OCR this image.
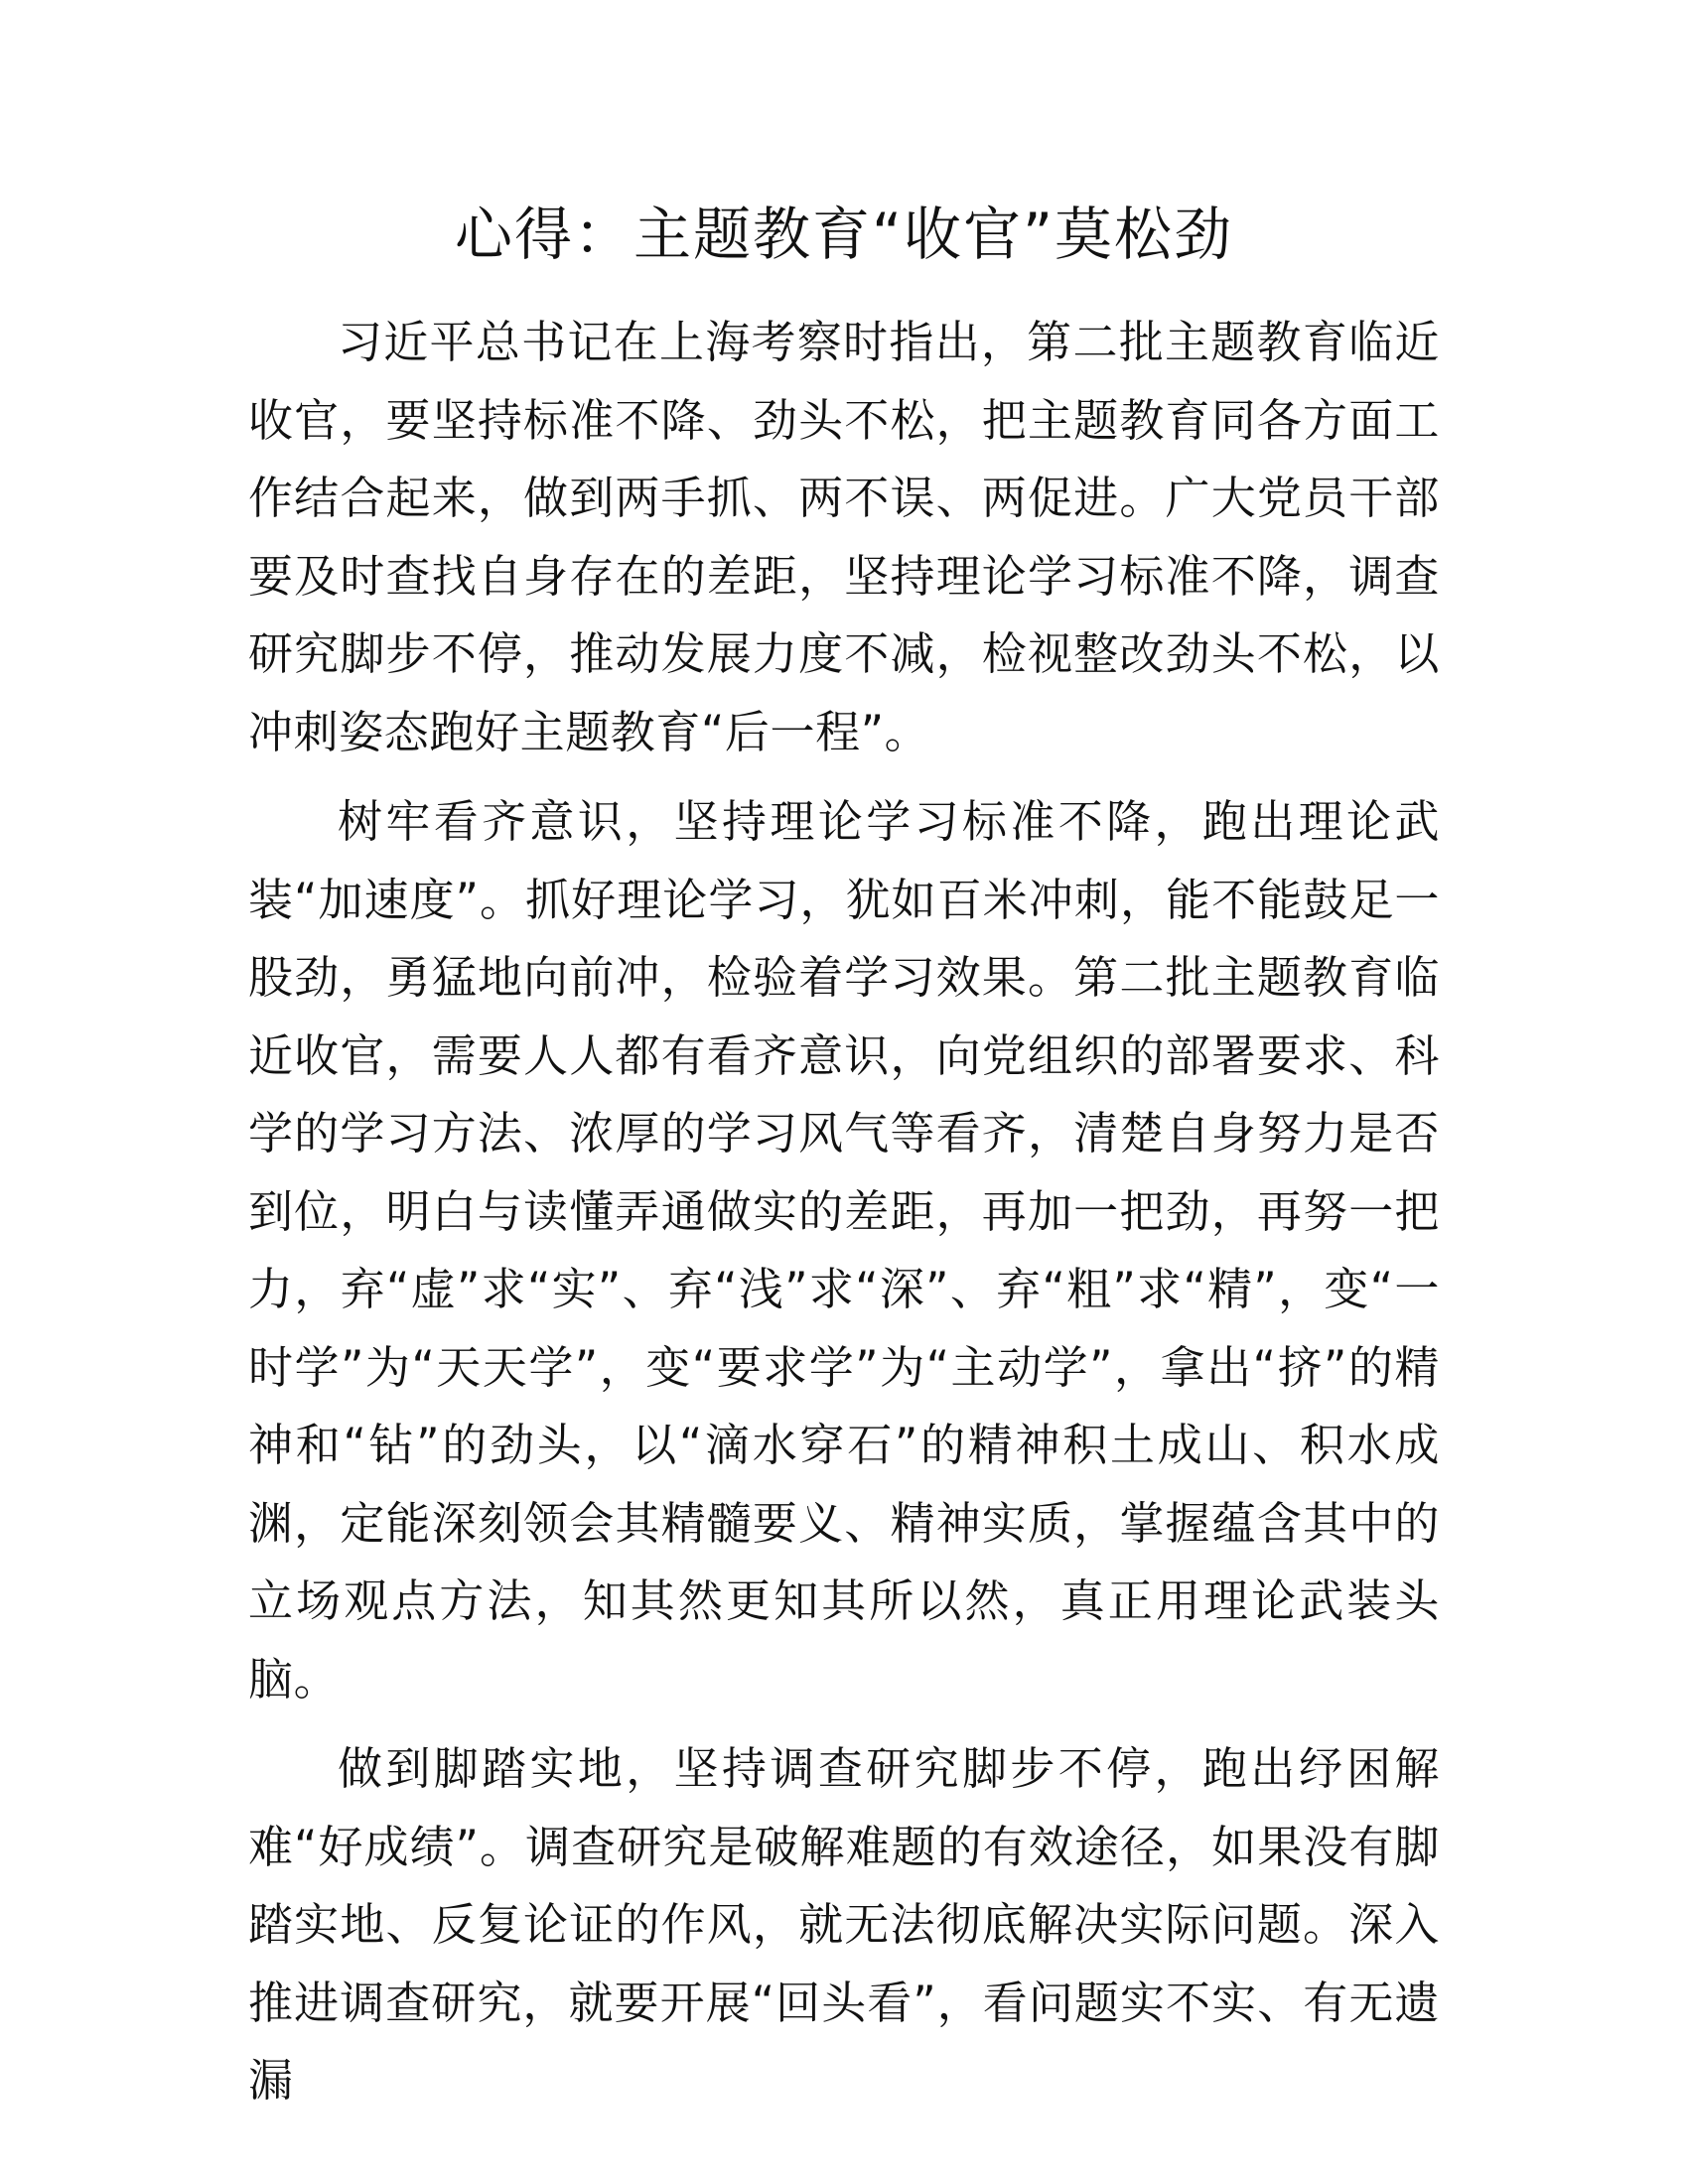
心得：主题教育“收官”莫松劲

习近平总书记在上海考察时指出，第二批主题教育临近收官，要坚持标准不降、劲头不松，把主题教育同各方面工作结合起来，做到两手抓、两不误、两促进。广大党员干部要及时查找自身存在的差距，坚持理论学习标准不降，调查研究脚步不停，推动发展力度不减，检视整改劲头不松，以冲刺姿态跑好主题教育“后一程”。

树牢看齐意识，坚持理论学习标准不降，跑出理论武装“加速度”。抓好理论学习，犹如百米冲刺，能不能鼓足一股劲，勇猛地向前冲，检验着学习效果。第二批主题教育临近收官，需要人人都有看齐意识，向党组织的部署要求、科学的学习方法、浓厚的学习风气等看齐，清楚自身努力是否到位，明白与读懂弄通做实的差距，再加一把劲，再努一把力，弃“虚”求“实”、弃“浅”求“深”、弃“粗”求“精”，变“一时学”为“天天学”，变“要求学”为“主动学”，拿出“挤”的精神和“钻”的劲头，以“滴水穿石”的精神积土成山、积水成渊，定能深刻领会其精髓要义、精神实质，掌握蕴含其中的立场观点方法，知其然更知其所以然，真正用理论武装头脑。

做到脚踏实地，坚持调查研究脚步不停，跑出纾困解难“好成绩”。调查研究是破解难题的有效途径，如果没有脚踏实地、反复论证的作风，就无法彻底解决实际问题。深入推进调查研究，就要开展“回头看”，看问题实不实、有无遗漏
